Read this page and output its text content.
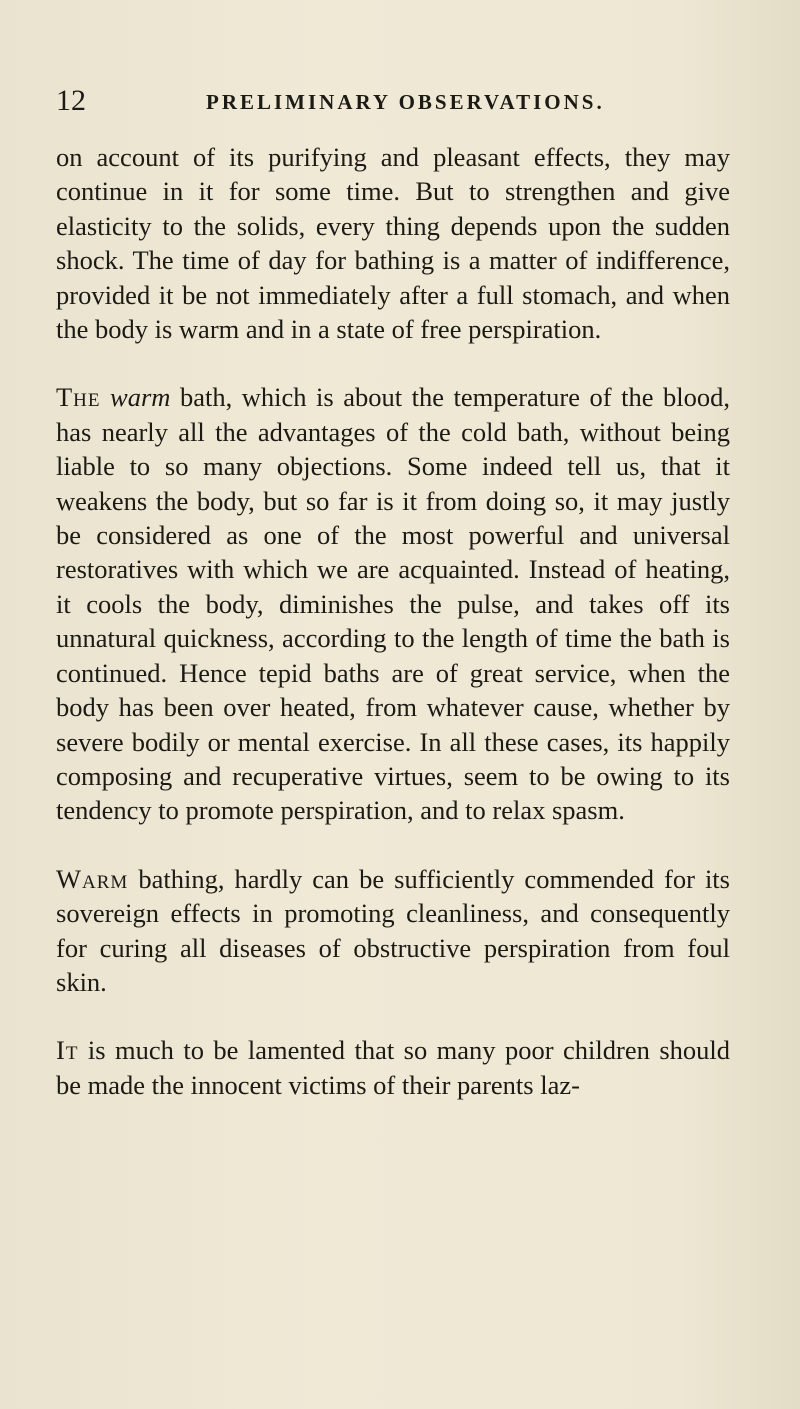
12	PRELIMINARY OBSERVATIONS.

on account of its purifying and pleasant effects, they may continue in it for some time. But to strengthen and give elasticity to the solids, every thing depends upon the sudden shock. The time of day for bathing is a matter of indifference, provided it be not immediately after a full stomach, and when the body is warm and in a state of free perspiration.

The warm bath, which is about the temperature of the blood, has nearly all the advantages of the cold bath, without being liable to so many objections. Some indeed tell us, that it weakens the body, but so far is it from doing so, it may justly be considered as one of the most powerful and universal restoratives with which we are acquainted. Instead of heating, it cools the body, diminishes the pulse, and takes off its unnatural quickness, according to the length of time the bath is continued. Hence tepid baths are of great service, when the body has been over heated, from whatever cause, whether by severe bodily or mental exercise. In all these cases, its happily composing and recuperative virtues, seem to be owing to its tendency to promote perspiration, and to relax spasm.

Warm bathing, hardly can be sufficiently commended for its sovereign effects in promoting cleanliness, and consequently for curing all diseases of obstructive perspiration from foul skin.

It is much to be lamented that so many poor children should be made the innocent victims of their parents laz-
